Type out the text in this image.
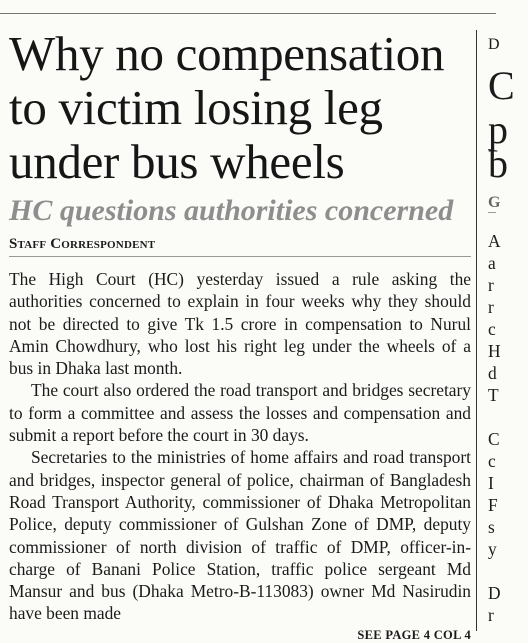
Why no compensation to victim losing leg under bus wheels
HC questions authorities concerned
Staff Correspondent

The High Court (HC) yesterday issued a rule asking the authorities concerned to explain in four weeks why they should not be directed to give Tk 1.5 crore in compensation to Nurul Amin Chowdhury, who lost his right leg under the wheels of a bus in Dhaka last month.

The court also ordered the road transport and bridges secretary to form a committee and assess the losses and compensation and submit a report before the court in 30 days.

Secretaries to the ministries of home affairs and road transport and bridges, inspector general of police, chairman of Bangladesh Road Transport Authority, commissioner of Dhaka Metropolitan Police, deputy commissioner of Gulshan Zone of DMP, deputy commissioner of north division of traffic of DMP, officer-in-charge of Banani Police Station, traffic police sergeant Md Mansur and bus (Dhaka Metro-B-113083) owner Md Nasirudin have been made

SEE PAGE 4 COL 4
D
C
p
b
G
A
a
r
r
c
H
d
T
C
c
I
F
s
y
D
r
